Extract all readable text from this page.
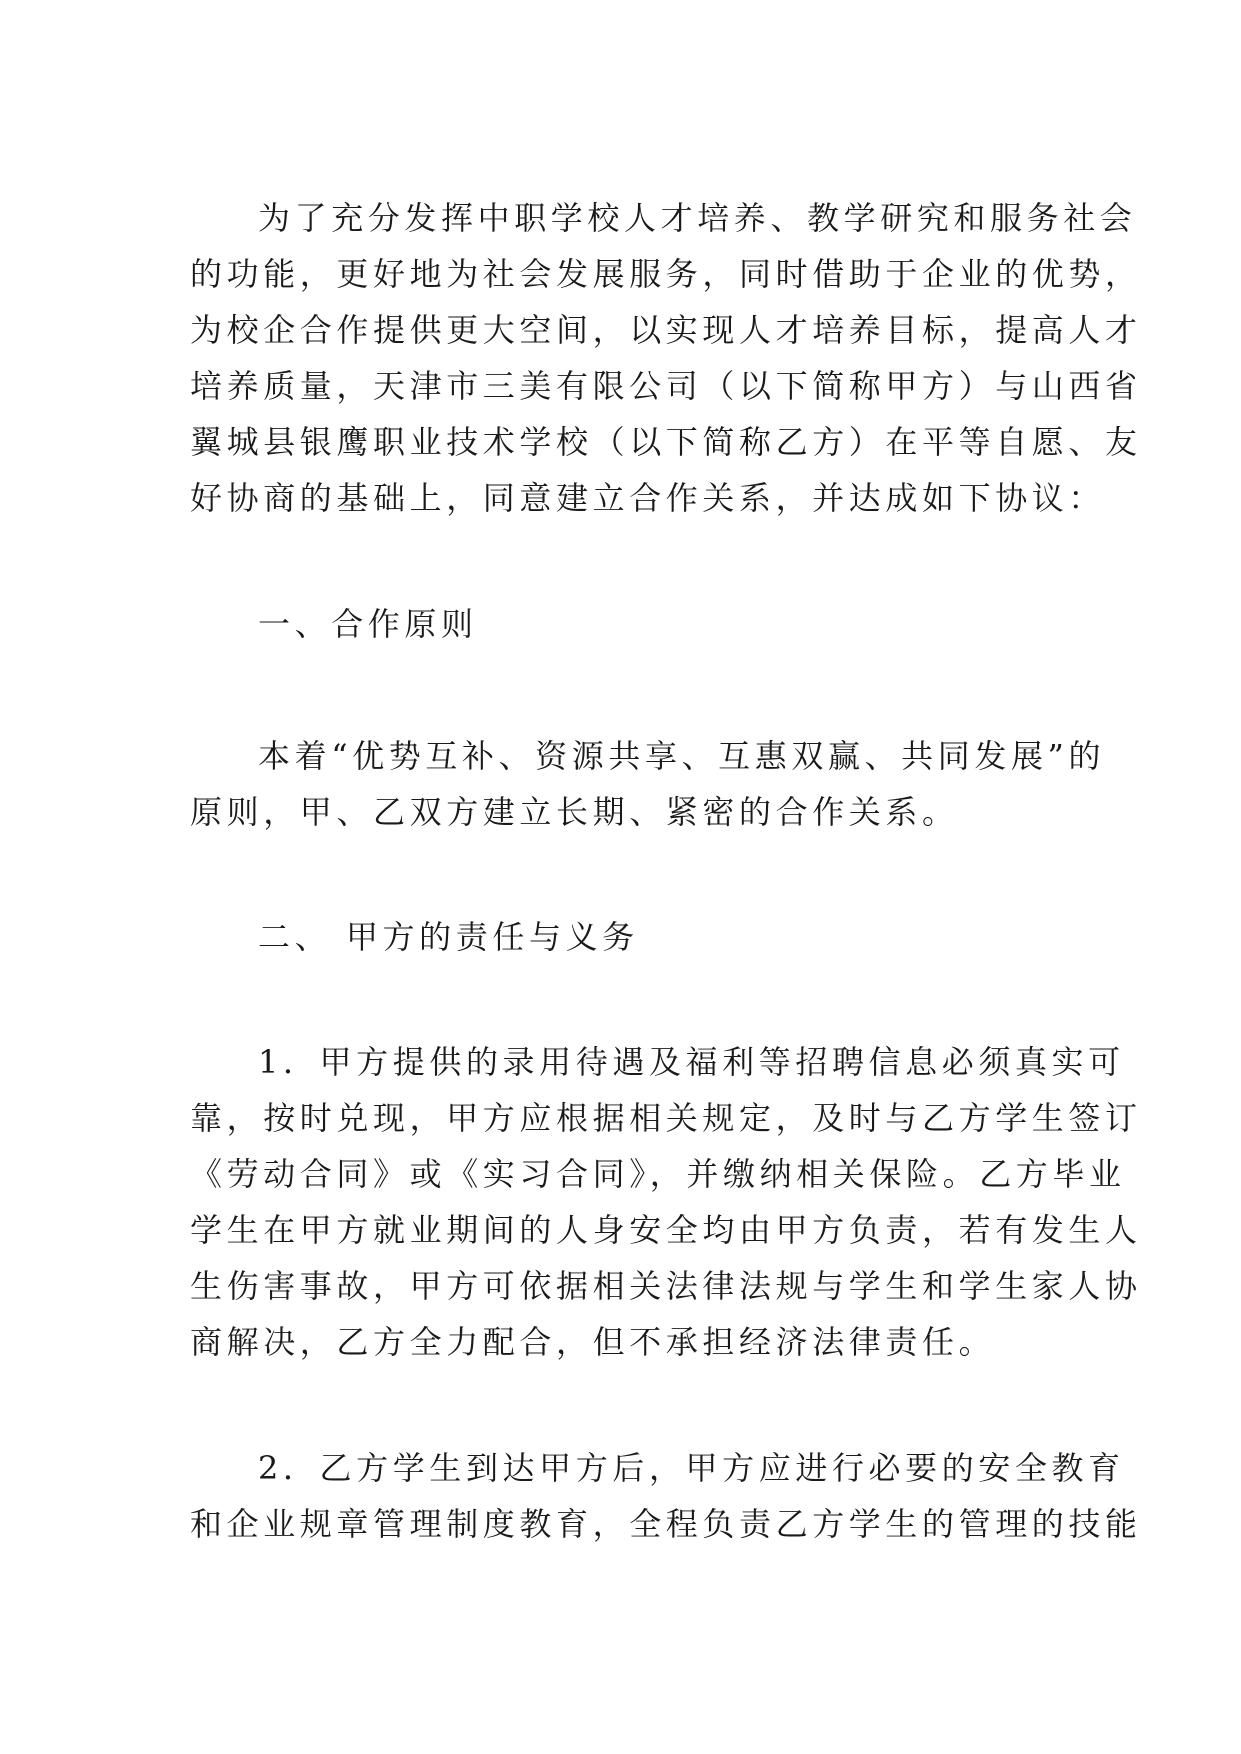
为了充分发挥中职学校人才培养、教学研究和服务社会

的功能，更好地为社会发展服务，同时借助于企业的优势，

为校企合作提供更大空间，以实现人才培养目标，提高人才

培养质量，天津市三美有限公司（以下简称甲方）与山西省

翼城县银鹰职业技术学校（以下简称乙方）在平等自愿、友

好协商的基础上，同意建立合作关系，并达成如下协议：

一、合作原则

本着“优势互补、资源共享、互惠双赢、共同发展”的

原则，甲、乙双方建立长期、紧密的合作关系。

二、 甲方的责任与义务

1．甲方提供的录用待遇及福利等招聘信息必须真实可

靠，按时兑现，甲方应根据相关规定，及时与乙方学生签订

《劳动合同》或《实习合同》，并缴纳相关保险。乙方毕业

学生在甲方就业期间的人身安全均由甲方负责，若有发生人

生伤害事故，甲方可依据相关法律法规与学生和学生家人协

商解决，乙方全力配合，但不承担经济法律责任。

2．乙方学生到达甲方后，甲方应进行必要的安全教育

和企业规章管理制度教育，全程负责乙方学生的管理的技能
